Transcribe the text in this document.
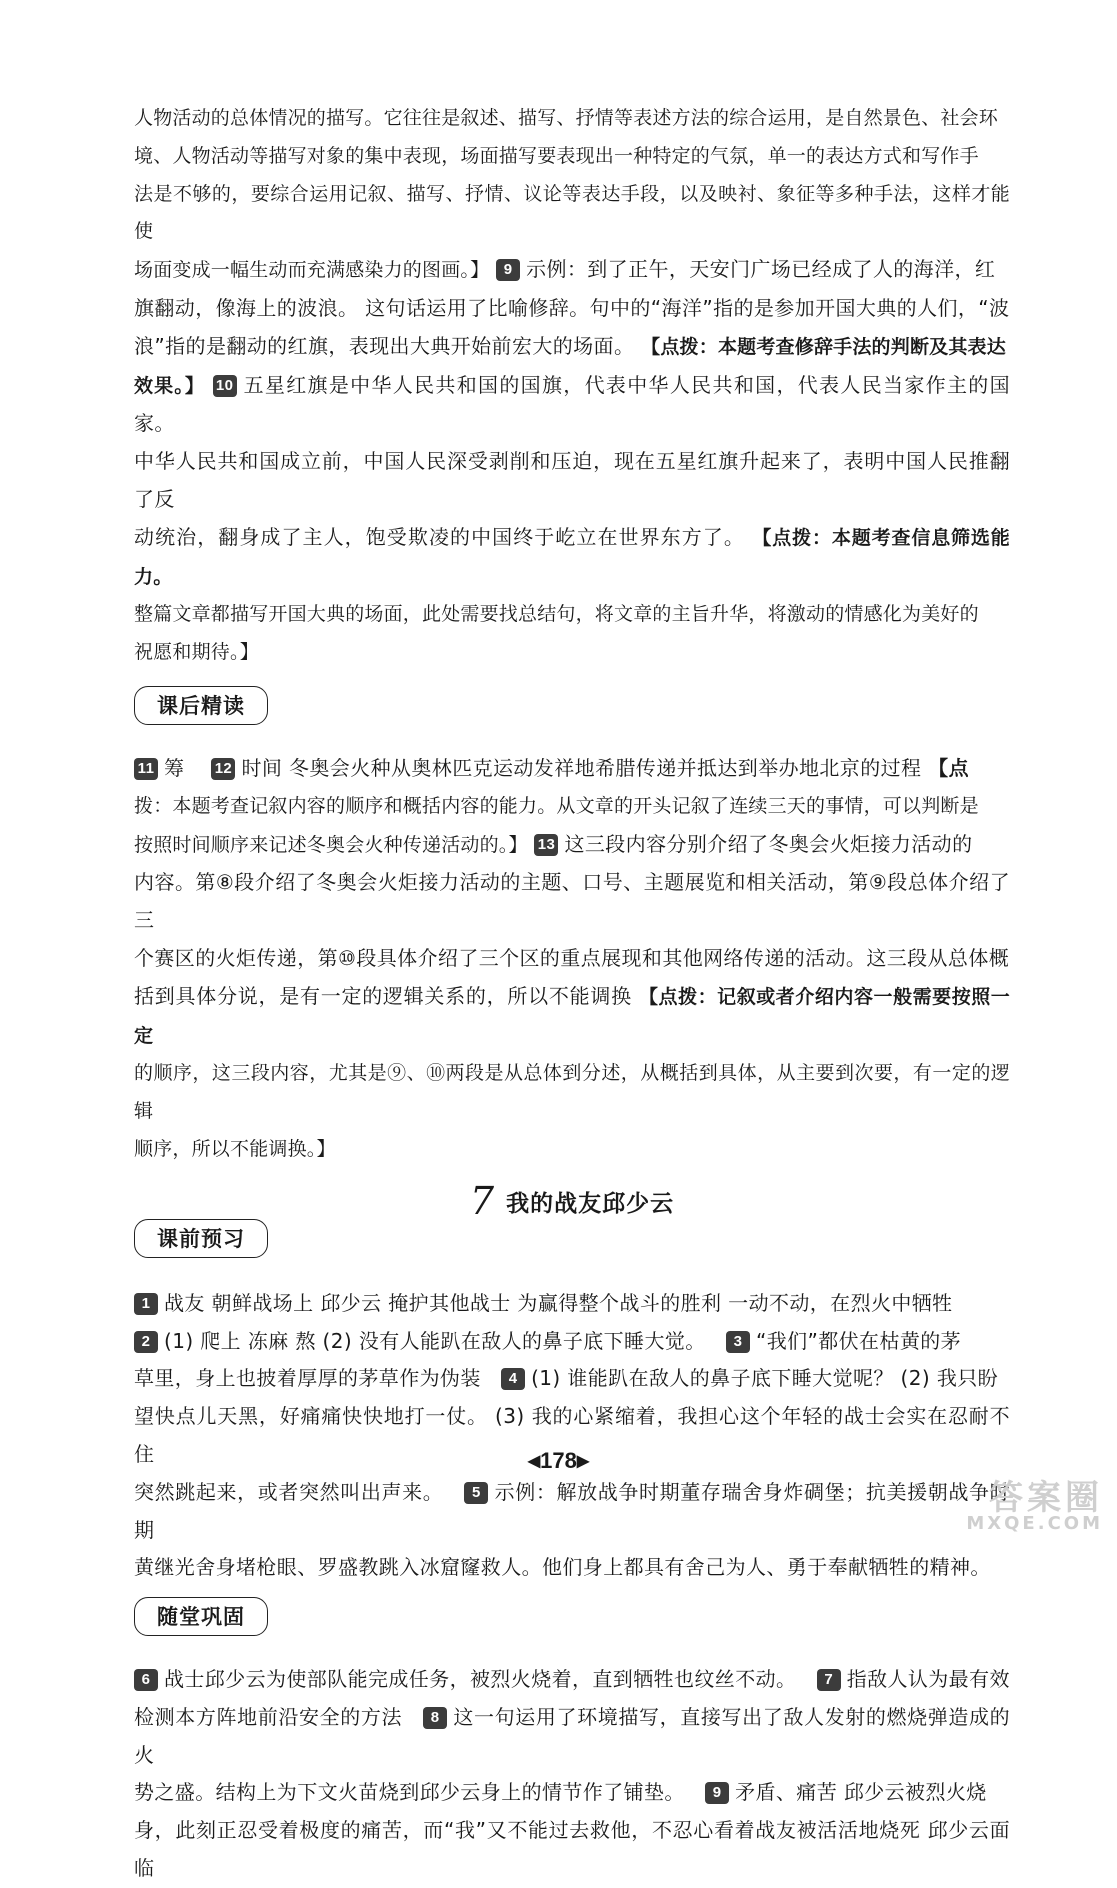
人物活动的总体情况的描写。它往往是叙述、描写、抒情等表述方法的综合运用，是自然景色、社会环

境、人物活动等描写对象的集中表现，场面描写要表现出一种特定的气氛，单一的表达方式和写作手

法是不够的，要综合运用记叙、描写、抒情、议论等表达手段，以及映衬、象征等多种手法，这样才能使

场面变成一幅生动而充满感染力的图画。】 9 示例：到了正午，天安门广场已经成了人的海洋，红

旗翻动，像海上的波浪。 这句话运用了比喻修辞。句中的“海洋”指的是参加开国大典的人们，“波

浪”指的是翻动的红旗，表现出大典开始前宏大的场面。 【点拨：本题考查修辞手法的判断及其表达

效果。】 10 五星红旗是中华人民共和国的国旗，代表中华人民共和国，代表人民当家作主的国家。

中华人民共和国成立前，中国人民深受剥削和压迫，现在五星红旗升起来了，表明中国人民推翻了反

动统治，翻身成了主人，饱受欺凌的中国终于屹立在世界东方了。 【点拨：本题考查信息筛选能力。

整篇文章都描写开国大典的场面，此处需要找总结句，将文章的主旨升华，将激动的情感化为美好的

祝愿和期待。】

课后精读

11 筹 12 时间 冬奥会火种从奥林匹克运动发祥地希腊传递并抵达到举办地北京的过程 【点

拨：本题考查记叙内容的顺序和概括内容的能力。从文章的开头记叙了连续三天的事情，可以判断是

按照时间顺序来记述冬奥会火种传递活动的。】 13 这三段内容分别介绍了冬奥会火炬接力活动的

内容。第⑧段介绍了冬奥会火炬接力活动的主题、口号、主题展览和相关活动，第⑨段总体介绍了三

个赛区的火炬传递，第⑩段具体介绍了三个区的重点展现和其他网络传递的活动。这三段从总体概

括到具体分说，是有一定的逻辑关系的，所以不能调换 【点拨：记叙或者介绍内容一般需要按照一定

的顺序，这三段内容，尤其是⑨、⑩两段是从总体到分述，从概括到具体，从主要到次要，有一定的逻辑

顺序，所以不能调换。】

7 我的战友邱少云
课前预习

1 战友 朝鲜战场上 邱少云 掩护其他战士 为赢得整个战斗的胜利 一动不动，在烈火中牺牲

2 (1) 爬上 冻麻 熬 (2) 没有人能趴在敌人的鼻子底下睡大觉。 3 “我们”都伏在枯黄的茅

草里，身上也披着厚厚的茅草作为伪装 4 (1) 谁能趴在敌人的鼻子底下睡大觉呢？ (2) 我只盼

望快点儿天黑，好痛痛快快地打一仗。 (3) 我的心紧缩着，我担心这个年轻的战士会实在忍耐不住

突然跳起来，或者突然叫出声来。 5 示例：解放战争时期董存瑞舍身炸碉堡；抗美援朝战争时期

黄继光舍身堵枪眼、罗盛教跳入冰窟窿救人。他们身上都具有舍己为人、勇于奉献牺牲的精神。

随堂巩固

6 战士邱少云为使部队能完成任务，被烈火烧着，直到牺牲也纹丝不动。 7 指敌人认为最有效

检测本方阵地前沿安全的方法 8 这一句运用了环境描写，直接写出了敌人发射的燃烧弹造成的火

势之盛。结构上为下文火苗烧到邱少云身上的情节作了铺垫。 9 矛盾、痛苦 邱少云被烈火烧

身，此刻正忍受着极度的痛苦，而“我”又不能过去救他，不忍心看着战友被活活地烧死 邱少云面临

◀178▶
答案圈
MXQE.COM
